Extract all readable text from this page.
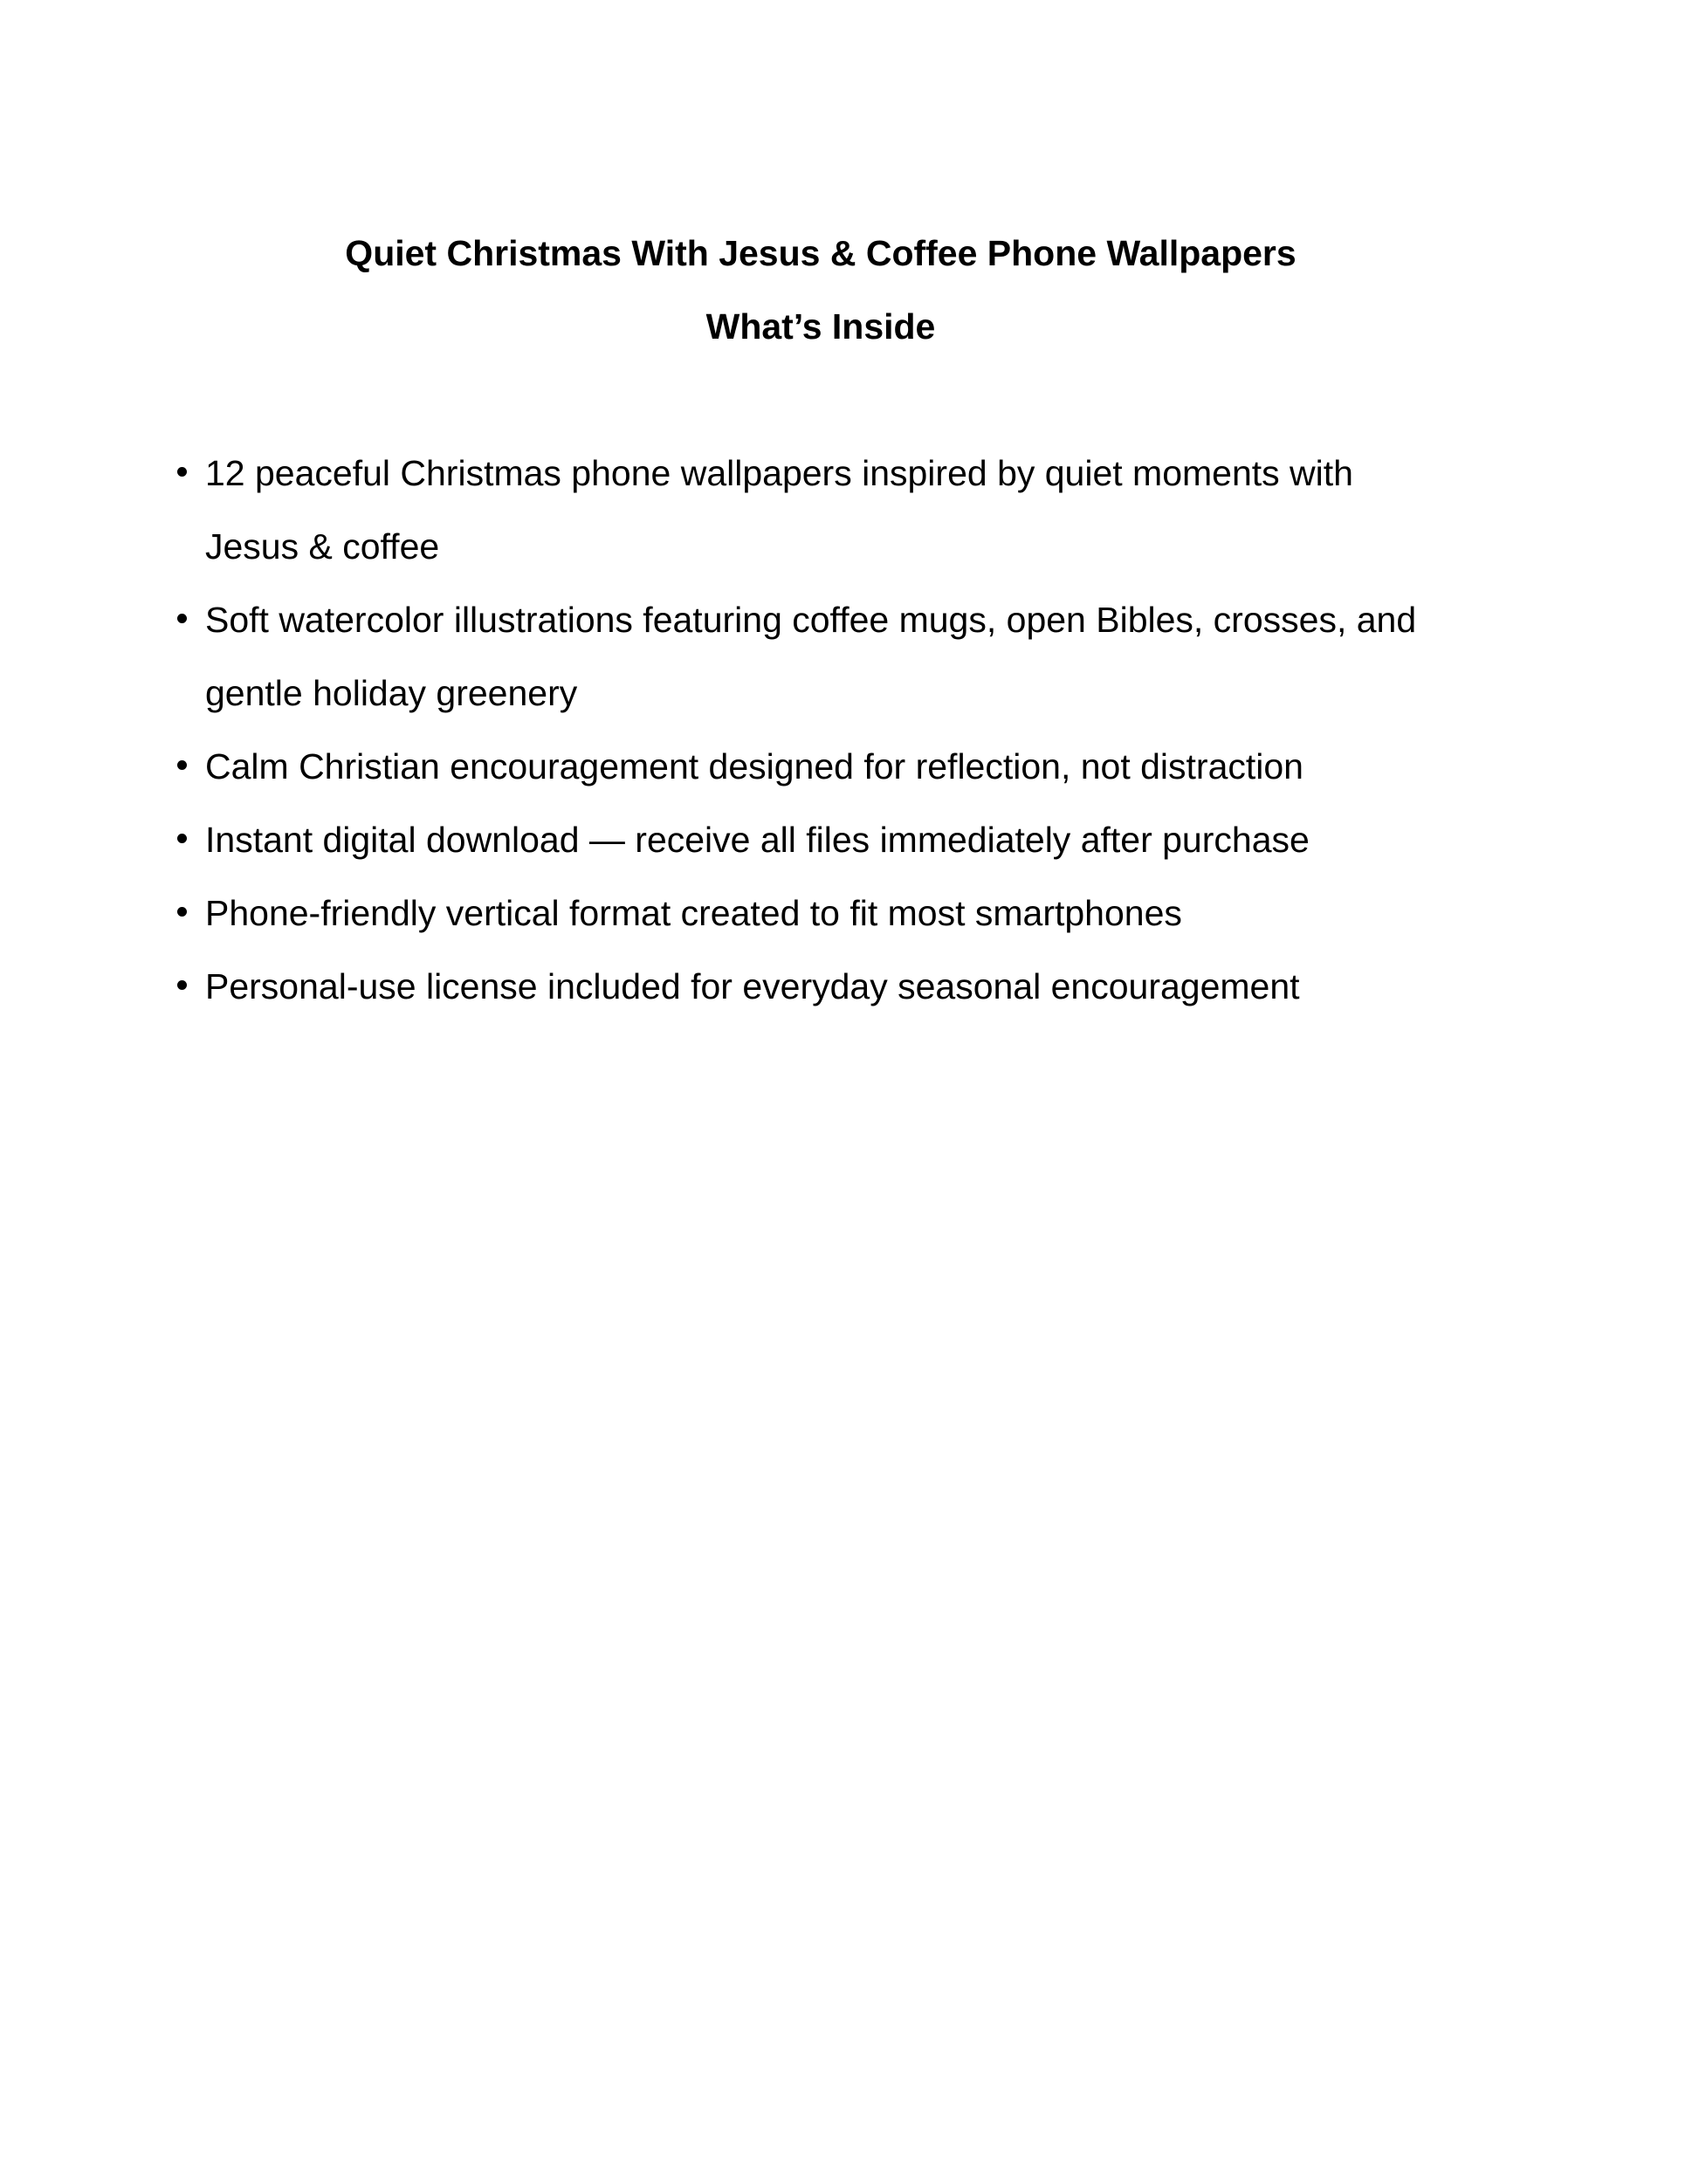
Quiet Christmas With Jesus & Coffee Phone Wallpapers
What’s Inside
12 peaceful Christmas phone wallpapers inspired by quiet moments with Jesus & coffee
Soft watercolor illustrations featuring coffee mugs, open Bibles, crosses, and gentle holiday greenery
Calm Christian encouragement designed for reflection, not distraction
Instant digital download — receive all files immediately after purchase
Phone-friendly vertical format created to fit most smartphones
Personal-use license included for everyday seasonal encouragement
